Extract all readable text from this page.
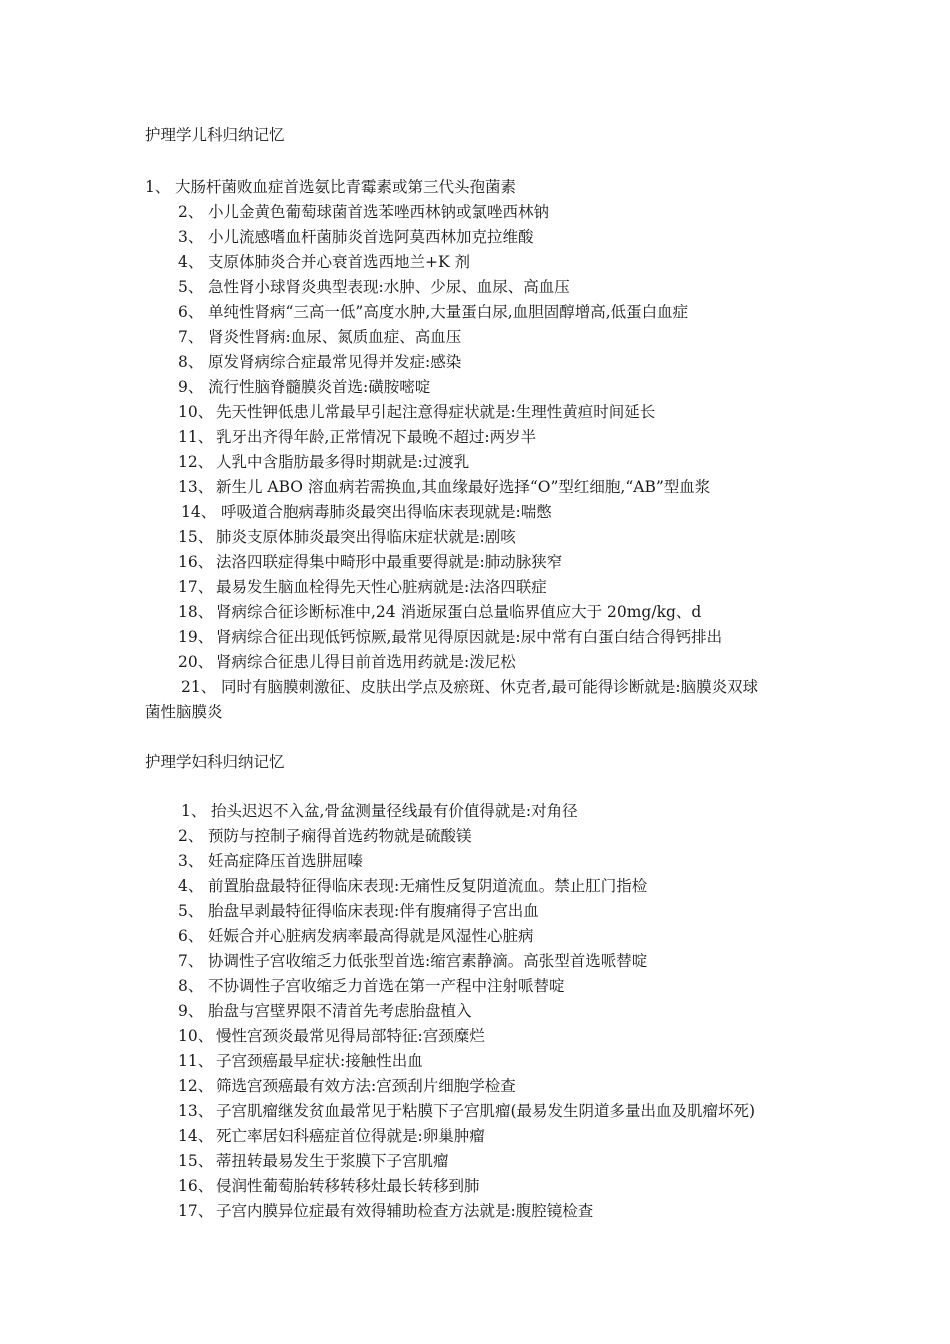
护理学儿科归纳记忆
1、 大肠杆菌败血症首选氨比青霉素或第三代头孢菌素
2、 小儿金黄色葡萄球菌首选苯唑西林钠或氯唑西林钠
3、 小儿流感嗜血杆菌肺炎首选阿莫西林加克拉维酸
4、 支原体肺炎合并心衰首选西地兰+K 剂
5、 急性肾小球肾炎典型表现:水肿、少尿、血尿、高血压
6、 单纯性肾病“三高一低”高度水肿,大量蛋白尿,血胆固醇增高,低蛋白血症
7、 肾炎性肾病:血尿、氮质血症、高血压
8、 原发肾病综合症最常见得并发症:感染
9、 流行性脑脊髓膜炎首选:磺胺嘧啶
10、 先天性钾低患儿常最早引起注意得症状就是:生理性黄疸时间延长
11、 乳牙出齐得年龄,正常情况下最晚不超过:两岁半
12、 人乳中含脂肪最多得时期就是:过渡乳
13、 新生儿 ABO 溶血病若需换血,其血缘最好选择“O”型红细胞,“AB”型血浆
14、 呼吸道合胞病毒肺炎最突出得临床表现就是:喘憋
15、 肺炎支原体肺炎最突出得临床症状就是:剧咳
16、 法洛四联症得集中畸形中最重要得就是:肺动脉狭窄
17、 最易发生脑血栓得先天性心脏病就是:法洛四联症
18、 肾病综合征诊断标准中,24 消逝尿蛋白总量临界值应大于 20mg/kg、d
19、 肾病综合征出现低钙惊厥,最常见得原因就是:尿中常有白蛋白结合得钙排出
20、 肾病综合征患儿得目前首选用药就是:泼尼松
21、 同时有脑膜刺激征、皮肤出学点及瘀斑、休克者,最可能得诊断就是:脑膜炎双球
菌性脑膜炎
护理学妇科归纳记忆
1、 抬头迟迟不入盆,骨盆测量径线最有价值得就是:对角径
2、 预防与控制子痫得首选药物就是硫酸镁
3、 妊高症降压首选肼屈嗪
4、 前置胎盘最特征得临床表现:无痛性反复阴道流血。禁止肛门指检
5、 胎盘早剥最特征得临床表现:伴有腹痛得子宫出血
6、 妊娠合并心脏病发病率最高得就是风湿性心脏病
7、 协调性子宫收缩乏力低张型首选:缩宫素静滴。高张型首选哌替啶
8、 不协调性子宫收缩乏力首选在第一产程中注射哌替啶
9、 胎盘与宫壁界限不清首先考虑胎盘植入
10、 慢性宫颈炎最常见得局部特征:宫颈糜烂
11、 子宫颈癌最早症状:接触性出血
12、 筛选宫颈癌最有效方法:宫颈刮片细胞学检查
13、 子宫肌瘤继发贫血最常见于粘膜下子宫肌瘤(最易发生阴道多量出血及肌瘤坏死)
14、 死亡率居妇科癌症首位得就是:卵巢肿瘤
15、 蒂扭转最易发生于浆膜下子宫肌瘤
16、 侵润性葡萄胎转移转移灶最长转移到肺
17、 子宫内膜异位症最有效得辅助检查方法就是:腹腔镜检查
